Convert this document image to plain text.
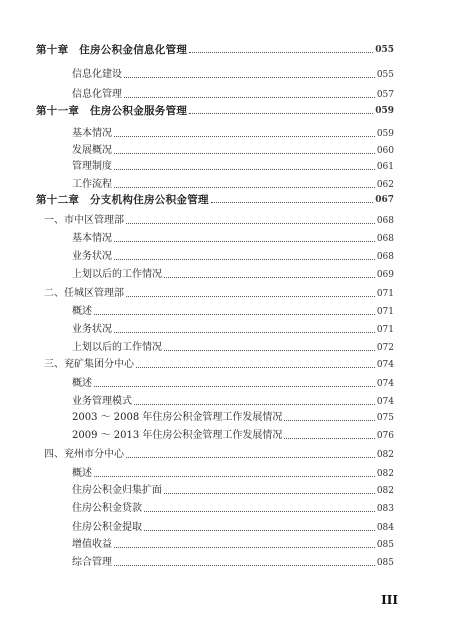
第十章　住房公积金信息化管理	055
信息化建设	055
信息化管理	057
第十一章　住房公积金服务管理	059
基本情况	059
发展概况	060
管理制度	061
工作流程	062
第十二章　分支机构住房公积金管理	067
一、市中区管理部	068
基本情况	068
业务状况	068
上划以后的工作情况	069
二、任城区管理部	071
概述	071
业务状况	071
上划以后的工作情况	072
三、兖矿集团分中心	074
概述	074
业务管理模式	074
2003 ～ 2008 年住房公积金管理工作发展情况	075
2009 ～ 2013 年住房公积金管理工作发展情况	076
四、兖州市分中心	082
概述	082
住房公积金归集扩面	082
住房公积金贷款	083
住房公积金提取	084
增值收益	085
综合管理	085
III
